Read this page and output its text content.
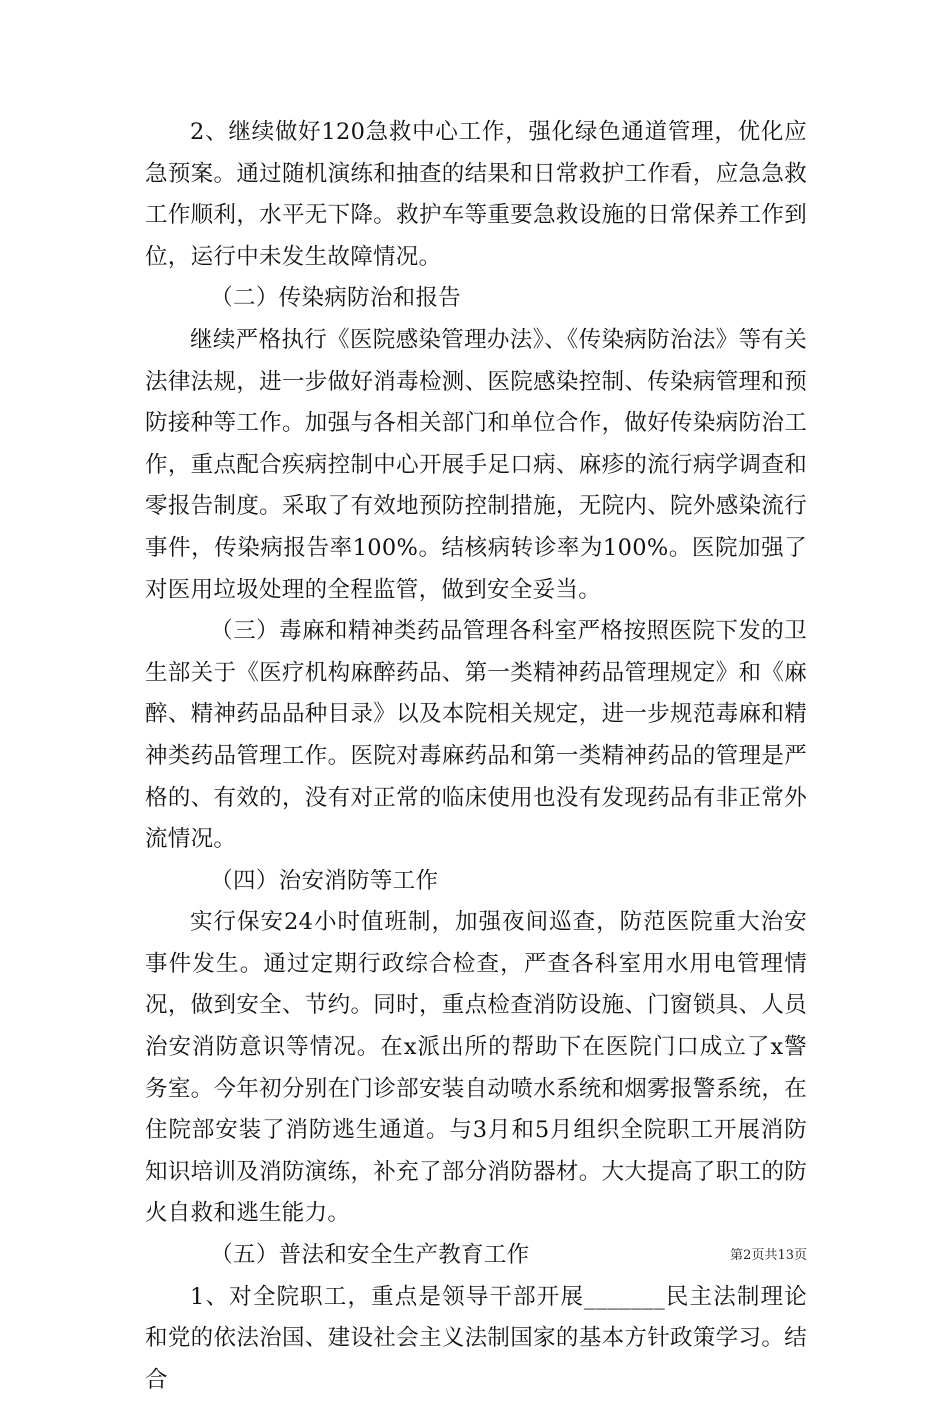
2、继续做好120急救中心工作，强化绿色通道管理，优化应急预案。通过随机演练和抽查的结果和日常救护工作看，应急急救工作顺利，水平无下降。救护车等重要急救设施的日常保养工作到位，运行中未发生故障情况。

（二）传染病防治和报告

继续严格执行《医院感染管理办法》、《传染病防治法》等有关法律法规，进一步做好消毒检测、医院感染控制、传染病管理和预防接种等工作。加强与各相关部门和单位合作，做好传染病防治工作，重点配合疾病控制中心开展手足口病、麻疹的流行病学调查和零报告制度。采取了有效地预防控制措施，无院内、院外感染流行事件，传染病报告率100%。结核病转诊率为100%。医院加强了对医用垃圾处理的全程监管，做到安全妥当。

（三）毒麻和精神类药品管理各科室严格按照医院下发的卫生部关于《医疗机构麻醉药品、第一类精神药品管理规定》和《麻醉、精神药品品种目录》以及本院相关规定，进一步规范毒麻和精神类药品管理工作。医院对毒麻药品和第一类精神药品的管理是严格的、有效的，没有对正常的临床使用也没有发现药品有非正常外流情况。

（四）治安消防等工作

实行保安24小时值班制，加强夜间巡查，防范医院重大治安事件发生。通过定期行政综合检查，严查各科室用水用电管理情况，做到安全、节约。同时，重点检查消防设施、门窗锁具、人员治安消防意识等情况。在x派出所的帮助下在医院门口成立了x警务室。今年初分别在门诊部安装自动喷水系统和烟雾报警系统，在住院部安装了消防逃生通道。与3月和5月组织全院职工开展消防知识培训及消防演练，补充了部分消防器材。大大提高了职工的防火自救和逃生能力。

（五）普法和安全生产教育工作

1、对全院职工，重点是领导干部开展_______民主法制理论和党的依法治国、建设社会主义法制国家的基本方针政策学习。结合

第2页共13页
